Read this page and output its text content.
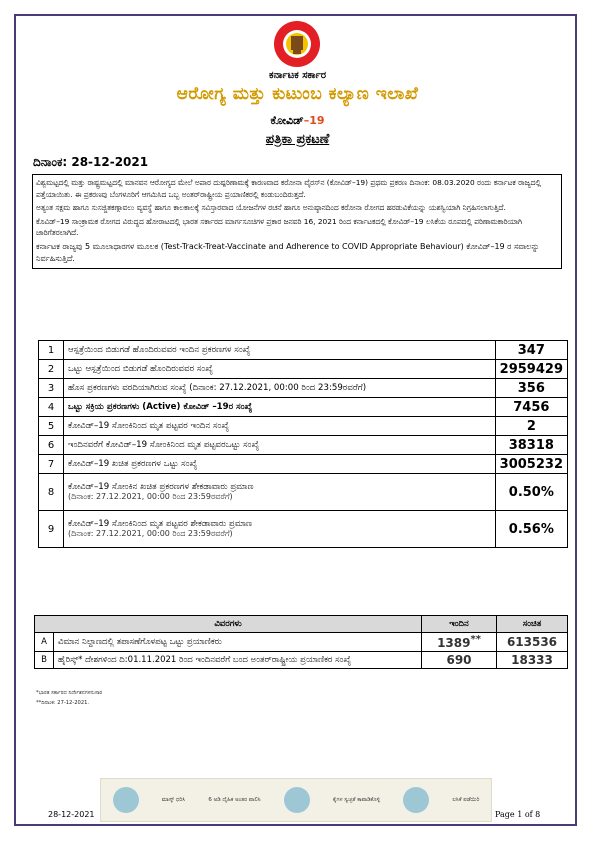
ಕರ್ನಾಟಕ ಸರ್ಕಾರ
ಆರೋಗ್ಯ ಮತ್ತು ಕುಟುಂಬ ಕಲ್ಯಾಣ ಇಲಾಖೆ
ಕೋವಿಡ್–19
ಪತ್ರಿಕಾ ಪ್ರಕಟಣೆ
ದಿನಾಂಕ: 28-12-2021

ವಿಶ್ವಮಟ್ಟದಲ್ಲಿ ಮತ್ತು ರಾಷ್ಟ್ರಮಟ್ಟದಲ್ಲಿ ಮಾನವನ ಆರೋಗ್ಯದ ಮೇಲೆ ಅಪಾರ ದುಷ್ಪರಿಣಾಮಕ್ಕೆ ಕಾರಣವಾದ ಕರೋನಾ ವೈರಸ್‌ನ (ಕೋವಿಡ್–19) ಪ್ರಥಮ ಪ್ರಕರಣ ದಿನಾಂಕ: 08.03.2020 ರಂದು ಕರ್ನಾಟಕ ರಾಜ್ಯದಲ್ಲಿ ಪತ್ತೆಯಾಯಿತು. ಈ ಪ್ರಕರಣವು ಬೆಂಗಳೂರಿಗೆ ಆಗಮಿಸಿದ ಒಬ್ಬ ಅಂತರ್‌ರಾಷ್ಟ್ರೀಯ ಪ್ರಯಾಣಿಕರಲ್ಲಿ ಕಂಡುಬಂದಿರುತ್ತದೆ.

ಅತ್ಯಂತ ಸಕ್ಷಮ ಹಾಗೂ ಸುಸಜ್ಜಿತಕಣ್ಗಾವಲು ವ್ಯವಸ್ಥೆ ಹಾಗೂ ಕಾಲಕಾಲಕ್ಕೆ ಸವಿಸ್ತಾರವಾದ ಯೋಜನೆಗಳ ರಚನೆ ಹಾಗೂ ಅನುಷ್ಠಾನದಿಂದ ಕರೋನಾ ರೋಗದ ಹರಡುವಿಕೆಯನ್ನು ಯಶಸ್ವಿಯಾಗಿ ನಿಗ್ರಹಿಸಲಾಗುತ್ತಿದೆ.

ಕೊವಿಡ್–19 ಸಾಂಕ್ರಾಮಕ ರೋಗದ ವಿರುದ್ಧದ ಹೋರಾಟದಲ್ಲಿ ಭಾರತ ಸರ್ಕಾರದ ಮಾರ್ಗಸೂಚಿಗಳ ಪ್ರಕಾರ ಜನವರಿ 16, 2021 ರಿಂದ ಕರ್ನಾಟಕದಲ್ಲಿ ಕೋವಿಡ್–19 ಲಸಿಕೆಯ ರೂಪದಲ್ಲಿ ಪರಿಣಾಮಕಾರಿಯಾಗಿ ಜಾರಿಗೆತರಲಾಗಿದೆ.

ಕರ್ನಾಟಕ ರಾಜ್ಯವು 5 ಮೂಲಾಧಾರಗಳ ಮೂಲಕ (Test-Track-Treat-Vaccinate and Adherence to COVID Appropriate Behaviour) ಕೋವಿಡ್–19 ರ ಸವಾಲನ್ನು ನಿರ್ವಹಿಸುತ್ತಿದೆ.

1	ಆಸ್ಪತ್ರೆಯಿಂದ ಬಿಡುಗಡೆ ಹೊಂದಿರುವವರ ಇಂದಿನ ಪ್ರಕರಣಗಳ ಸಂಖ್ಯೆ	347
2	ಒಟ್ಟು ಆಸ್ಪತ್ರೆಯಿಂದ ಬಿಡುಗಡೆ ಹೊಂದಿರುವವರ ಸಂಖ್ಯೆ	2959429
3	ಹೊಸ ಪ್ರಕರಣಗಳು ವರದಿಯಾಗಿರುವ ಸಂಖ್ಯೆ (ದಿನಾಂಕ: 27.12.2021, 00:00 ರಿಂದ 23:59ರವರೆಗೆ)	356
4	ಒಟ್ಟು ಸಕ್ರಿಯ ಪ್ರಕರಣಗಳು (Active) ಕೋವಿಡ್ –19ರ ಸಂಖ್ಯೆ	7456
5	ಕೋವಿಡ್–19 ಸೋಂಕಿನಿಂದ ಮೃತ ಪಟ್ಟವರ ಇಂದಿನ ಸಂಖ್ಯೆ	2
6	ಇಂದಿನವರೆಗೆ ಕೋವಿಡ್–19 ಸೋಂಕಿನಿಂದ ಮೃತ ಪಟ್ಟವರಒಟ್ಟು ಸಂಖ್ಯೆ	38318
7	ಕೋವಿಡ್–19 ಖಚಿತ ಪ್ರಕರಣಗಳ ಒಟ್ಟು ಸಂಖ್ಯೆ	3005232
8	ಕೋವಿಡ್–19 ಸೋಂಕಿನ ಖಚಿತ ಪ್ರಕರಣಗಳ ಶೇಕಡಾವಾರು ಪ್ರಮಾಣ
(ದಿನಾಂಕ: 27.12.2021, 00:00 ರಿಂದ 23:59ರವರೆಗೆ)	0.50%
9	ಕೋವಿಡ್–19 ಸೋಂಕಿನಿಂದ ಮೃತ ಪಟ್ಟವರ ಶೇಕಡಾವಾರು ಪ್ರಮಾಣ
(ದಿನಾಂಕ: 27.12.2021, 00:00 ರಿಂದ 23:59ರವರೆಗೆ)	0.56%
ವಿವರಗಳು		ಇಂದಿನ	ಸಂಚಿತ
A	ವಿಮಾನ ನಿಲ್ದಾಣದಲ್ಲಿ ತಪಾಸಣೆಗೊಳಪಟ್ಟ ಒಟ್ಟು ಪ್ರಯಾಣಿಕರು	1389**	613536
B	ಹೈರಿಸ್ಕ್* ದೇಶಗಳಿಂದ ದಿ:01.11.2021 ರಿಂದ ಇಂದಿನವರೆಗೆ ಬಂದ ಅಂತರ್‌ರಾಷ್ಟ್ರೀಯ ಪ್ರಯಾಣಿಕರ ಸಂಖ್ಯೆ	690	18333
*ಭಾರತ ಸರ್ಕಾರದ ನಿರ್ದೇಶನಗಳನುಸಾರ
**ದಿನಾಂಕ: 27-12-2021.
ಮಾಸ್ಕ್ ಧರಿಸಿ	6 ಅಡಿ ದೈಹಿಕ ಅಂತರ ಪಾಲಿಸಿ	ಕೈಗಳ ಸ್ವಚ್ಛತೆ ಕಾಪಾಡಿಕೊಳ್ಳಿ	ಲಸಿಕೆ ಪಡೆಯಿರಿ
28-12-2021	Page 1 of 8
